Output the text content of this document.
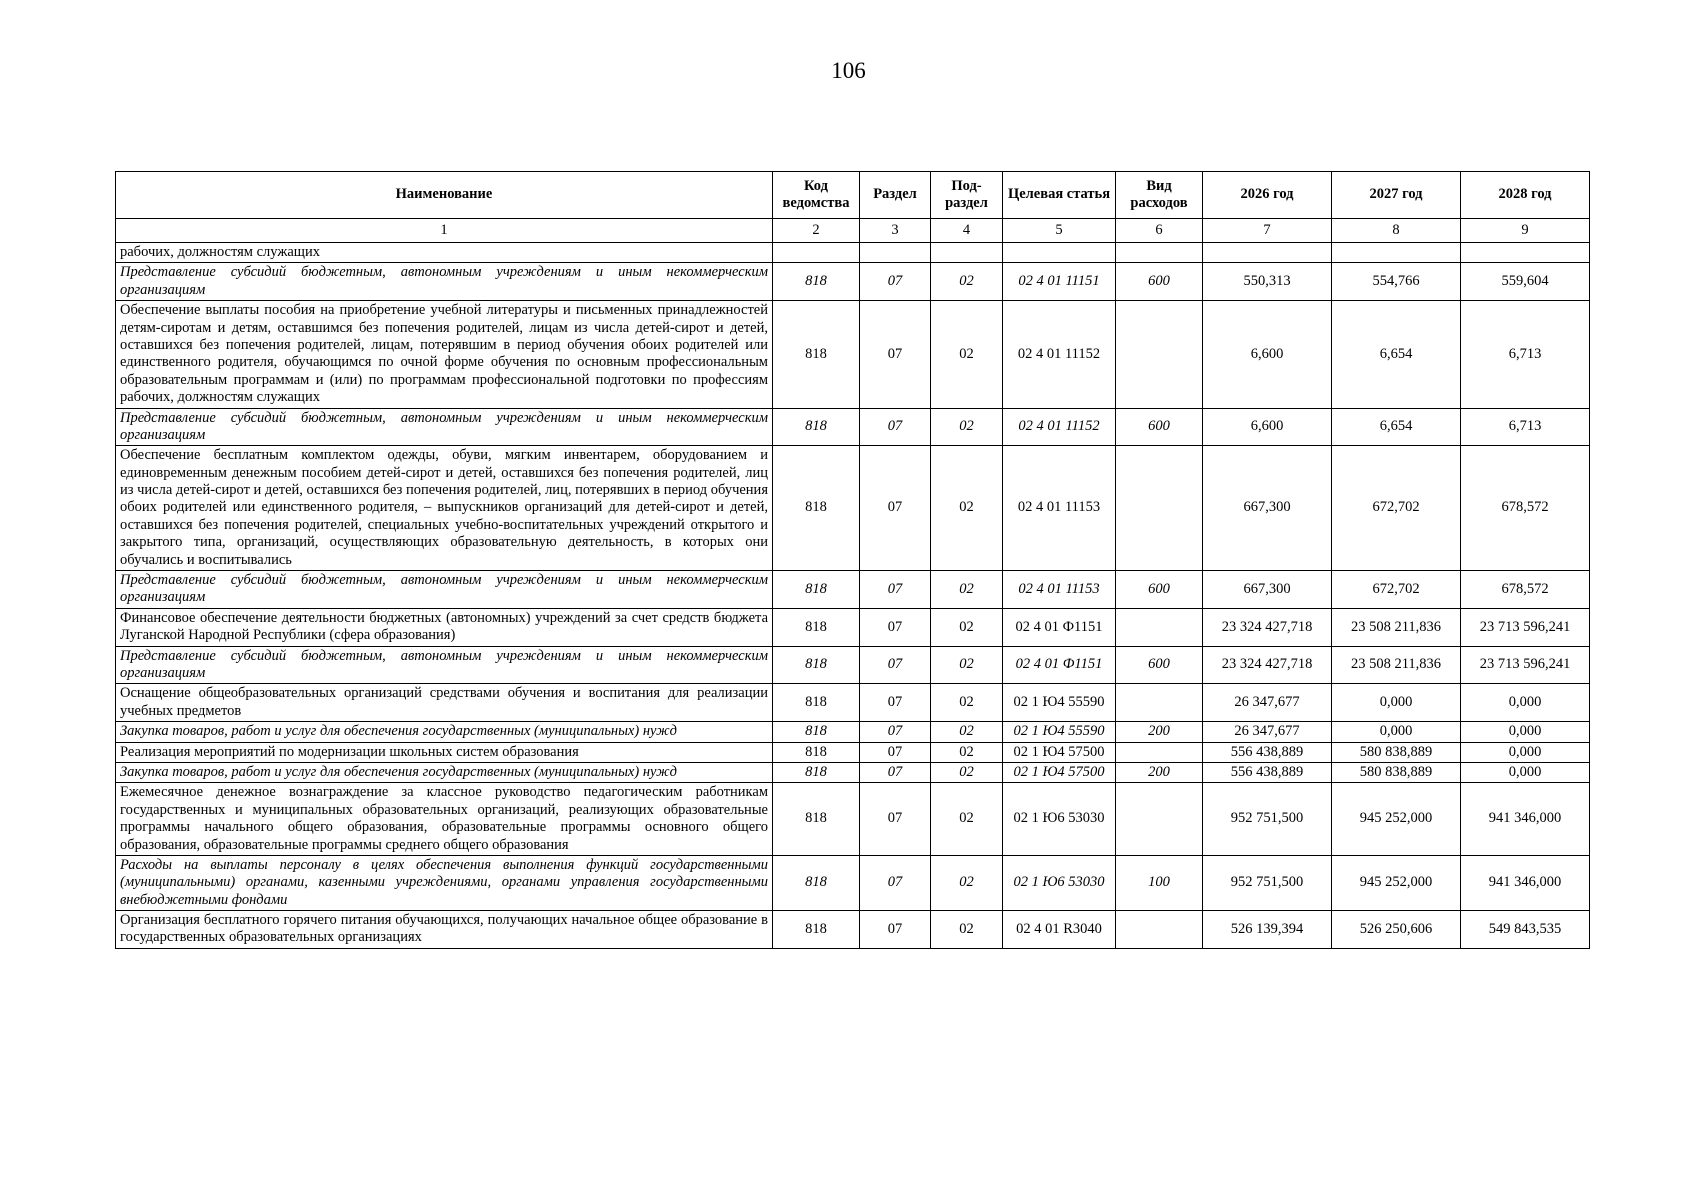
106
Наименование	Код ведомства	Раздел	Под-раздел	Целевая статья	Вид расходов	2026 год	2027 год	2028 год
1	2	3	4	5	6	7	8	9
рабочих, должностям служащих								
Представление субсидий бюджетным, автономным учреждениям и иным некоммерческим организациям	818	07	02	02 4 01 11151	600	550,313	554,766	559,604
Обеспечение выплаты пособия на приобретение учебной литературы и письменных принадлежностей детям-сиротам и детям, оставшимся без попечения родителей, лицам из числа детей-сирот и детей, оставшихся без попечения родителей, лицам, потерявшим в период обучения обоих родителей или единственного родителя, обучающимся по очной форме обучения по основным профессиональным образовательным программам и (или) по программам профессиональной подготовки по профессиям рабочих, должностям служащих	818	07	02	02 4 01 11152		6,600	6,654	6,713
Представление субсидий бюджетным, автономным учреждениям и иным некоммерческим организациям	818	07	02	02 4 01 11152	600	6,600	6,654	6,713
Обеспечение бесплатным комплектом одежды, обуви, мягким инвентарем, оборудованием и единовременным денежным пособием детей-сирот и детей, оставшихся без попечения родителей, лиц из числа детей-сирот и детей, оставшихся без попечения родителей, лиц, потерявших в период обучения обоих родителей или единственного родителя, – выпускников организаций для детей-сирот и детей, оставшихся без попечения родителей, специальных учебно-воспитательных учреждений открытого и закрытого типа, организаций, осуществляющих образовательную деятельность, в которых они обучались и воспитывались	818	07	02	02 4 01 11153		667,300	672,702	678,572
Представление субсидий бюджетным, автономным учреждениям и иным некоммерческим организациям	818	07	02	02 4 01 11153	600	667,300	672,702	678,572
Финансовое обеспечение деятельности бюджетных (автономных) учреждений за счет средств бюджета Луганской Народной Республики (сфера образования)	818	07	02	02 4 01 Ф1151		23 324 427,718	23 508 211,836	23 713 596,241
Представление субсидий бюджетным, автономным учреждениям и иным некоммерческим организациям	818	07	02	02 4 01 Ф1151	600	23 324 427,718	23 508 211,836	23 713 596,241
Оснащение общеобразовательных организаций средствами обучения и воспитания для реализации учебных предметов	818	07	02	02 1 Ю4 55590		26 347,677	0,000	0,000
Закупка товаров, работ и услуг для обеспечения государственных (муниципальных) нужд	818	07	02	02 1 Ю4 55590	200	26 347,677	0,000	0,000
Реализация мероприятий по модернизации школьных систем образования	818	07	02	02 1 Ю4 57500		556 438,889	580 838,889	0,000
Закупка товаров, работ и услуг для обеспечения государственных (муниципальных) нужд	818	07	02	02 1 Ю4 57500	200	556 438,889	580 838,889	0,000
Ежемесячное денежное вознаграждение за классное руководство педагогическим работникам государственных и муниципальных образовательных организаций, реализующих образовательные программы начального общего образования, образовательные программы основного общего образования, образовательные программы среднего общего образования	818	07	02	02 1 Ю6 53030		952 751,500	945 252,000	941 346,000
Расходы на выплаты персоналу в целях обеспечения выполнения функций государственными (муниципальными) органами, казенными учреждениями, органами управления государственными внебюджетными фондами	818	07	02	02 1 Ю6 53030	100	952 751,500	945 252,000	941 346,000
Организация бесплатного горячего питания обучающихся, получающих начальное общее образование в государственных образовательных организациях	818	07	02	02 4 01 R3040		526 139,394	526 250,606	549 843,535
